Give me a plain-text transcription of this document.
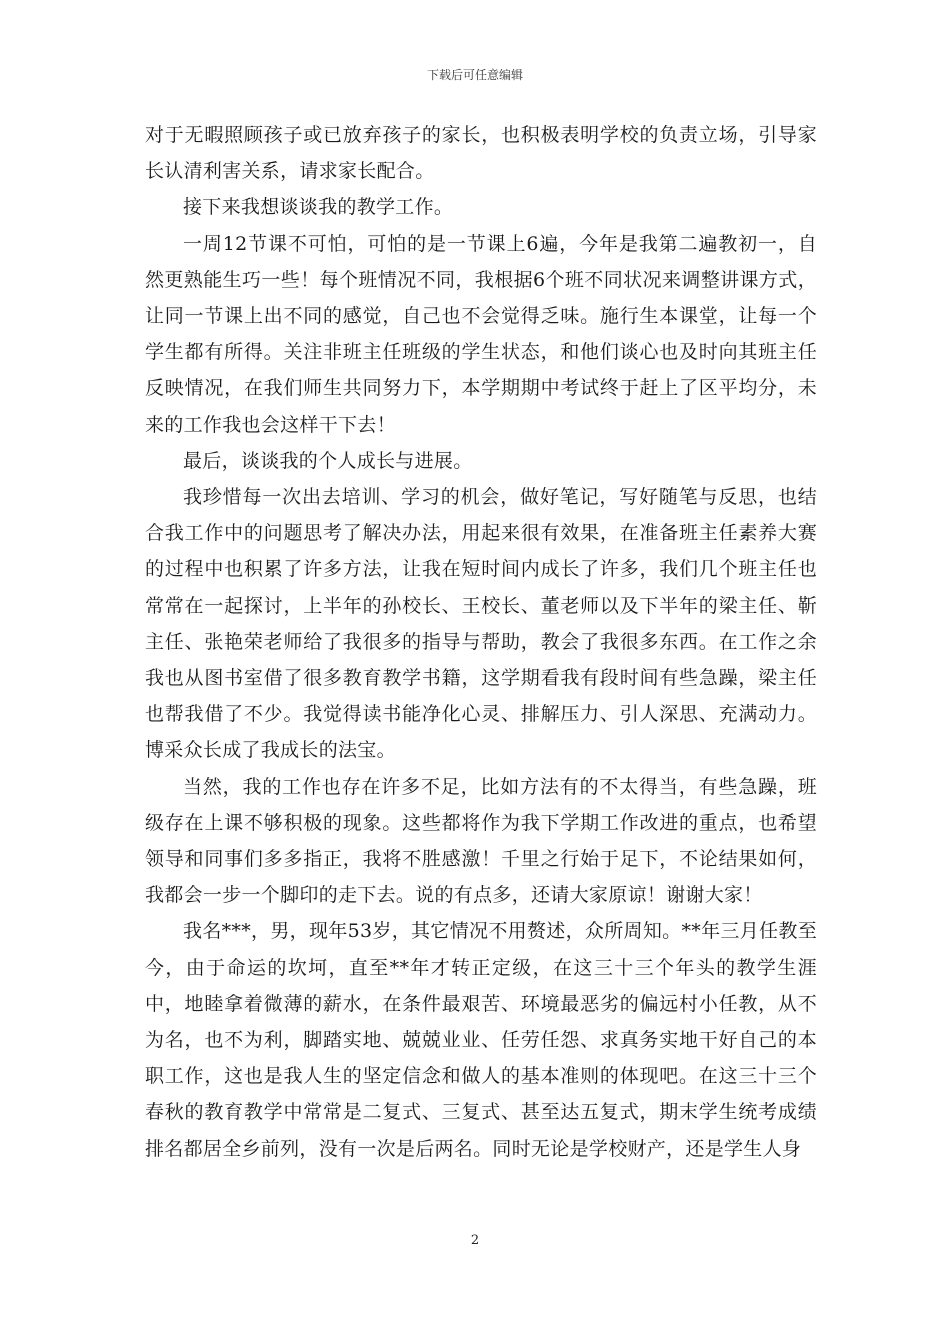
下载后可任意编辑

对于无暇照顾孩子或已放弃孩子的家长，也积极表明学校的负责立场，引导家长认清利害关系，请求家长配合。

接下来我想谈谈我的教学工作。

一周12节课不可怕，可怕的是一节课上6遍，今年是我第二遍教初一，自然更熟能生巧一些！每个班情况不同，我根据6个班不同状况来调整讲课方式，让同一节课上出不同的感觉，自己也不会觉得乏味。施行生本课堂，让每一个学生都有所得。关注非班主任班级的学生状态，和他们谈心也及时向其班主任反映情况，在我们师生共同努力下，本学期期中考试终于赶上了区平均分，未来的工作我也会这样干下去！

最后，谈谈我的个人成长与进展。

我珍惜每一次出去培训、学习的机会，做好笔记，写好随笔与反思，也结合我工作中的问题思考了解决办法，用起来很有效果，在准备班主任素养大赛的过程中也积累了许多方法，让我在短时间内成长了许多，我们几个班主任也常常在一起探讨，上半年的孙校长、王校长、董老师以及下半年的梁主任、靳主任、张艳荣老师给了我很多的指导与帮助，教会了我很多东西。在工作之余我也从图书室借了很多教育教学书籍，这学期看我有段时间有些急躁，梁主任也帮我借了不少。我觉得读书能净化心灵、排解压力、引人深思、充满动力。博采众长成了我成长的法宝。

当然，我的工作也存在许多不足，比如方法有的不太得当，有些急躁，班级存在上课不够积极的现象。这些都将作为我下学期工作改进的重点，也希望领导和同事们多多指正，我将不胜感激！千里之行始于足下，不论结果如何，我都会一步一个脚印的走下去。说的有点多，还请大家原谅！谢谢大家！

我名***，男，现年53岁，其它情况不用赘述，众所周知。**年三月任教至今，由于命运的坎坷，直至**年才转正定级，在这三十三个年头的教学生涯中，地睦拿着微薄的薪水，在条件最艰苦、环境最恶劣的偏远村小任教，从不为名，也不为利，脚踏实地、兢兢业业、任劳任怨、求真务实地干好自己的本职工作，这也是我人生的坚定信念和做人的基本准则的体现吧。在这三十三个春秋的教育教学中常常是二复式、三复式、甚至达五复式，期末学生统考成绩排名都居全乡前列，没有一次是后两名。同时无论是学校财产，还是学生人身

2
